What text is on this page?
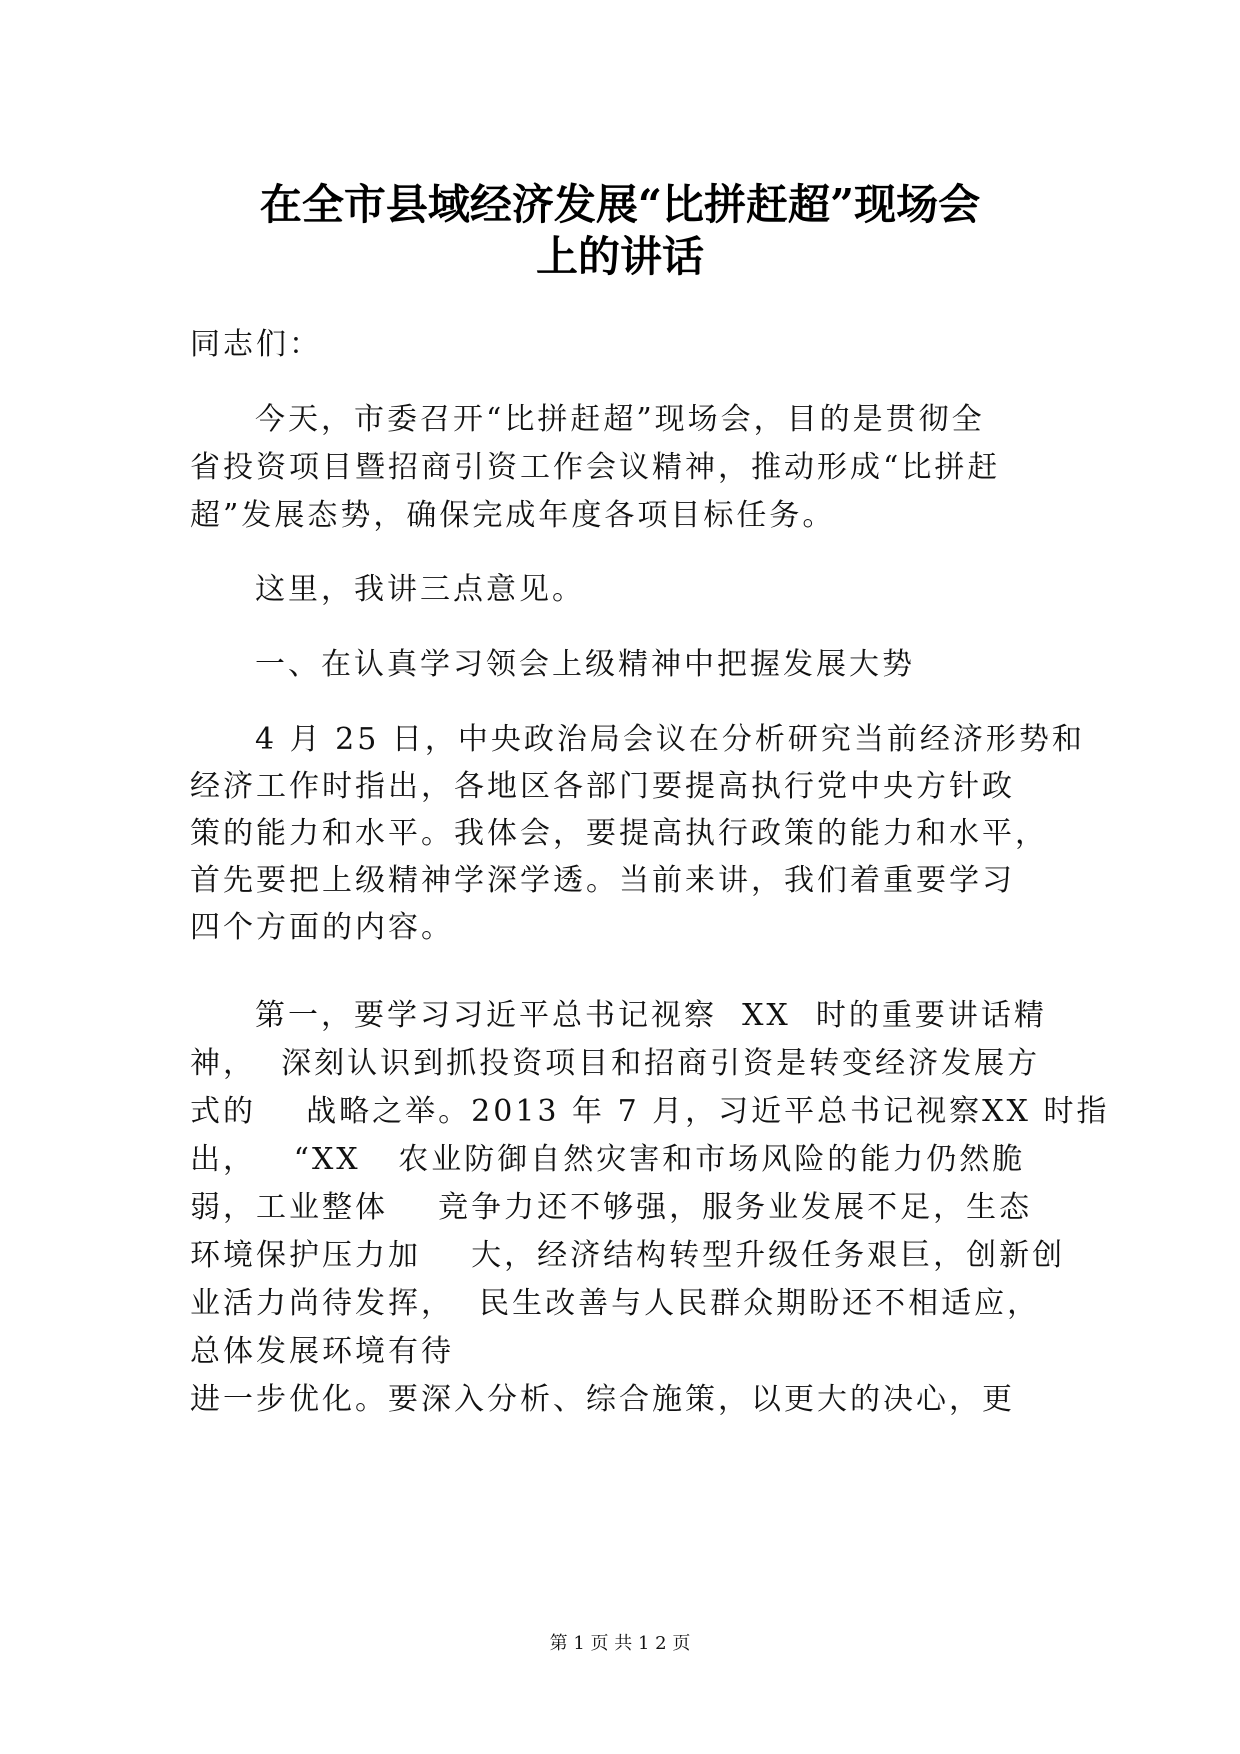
在全市县域经济发展“比拼赶超”现场会
上的讲话
同志们：
今天，市委召开“比拼赶超”现场会，目的是贯彻全
省投资项目暨招商引资工作会议精神，推动形成“比拼赶
超”发展态势，确保完成年度各项目标任务。
这里，我讲三点意见。
一、在认真学习领会上级精神中把握发展大势
4 月 25 日，中央政治局会议在分析研究当前经济形势和
经济工作时指出，各地区各部门要提高执行党中央方针政
策的能力和水平。我体会，要提高执行政策的能力和水平，
首先要把上级精神学深学透。当前来讲，我们着重要学习
四个方面的内容。
第一，要学习习近平总书记视察  XX  时的重要讲话精
神，  深刻认识到抓投资项目和招商引资是转变经济发展方
式的    战略之举。2013 年 7 月，习近平总书记视察XX 时指
出，   “XX   农业防御自然灾害和市场风险的能力仍然脆
弱，工业整体    竞争力还不够强，服务业发展不足，生态
环境保护压力加    大，经济结构转型升级任务艰巨，创新创
业活力尚待发挥，  民生改善与人民群众期盼还不相适应，
总体发展环境有待
进一步优化。要深入分析、综合施策，以更大的决心，更
第 1 页 共 1 2 页
